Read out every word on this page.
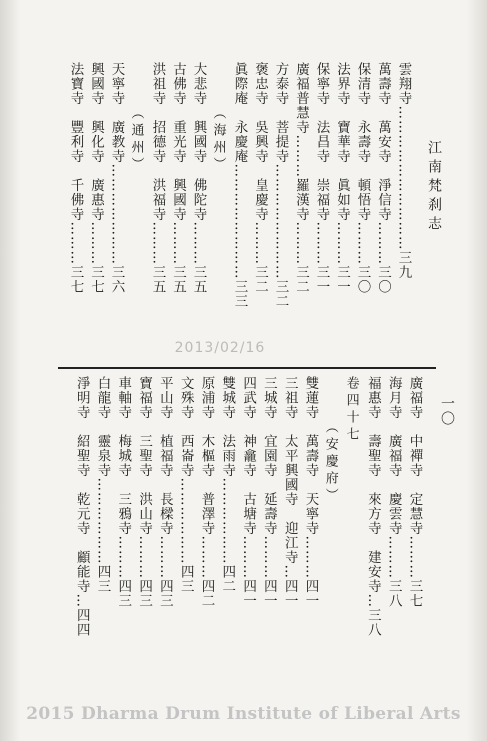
江南梵刹志
一〇
雲翔寺…………………………三九
萬壽寺　萬安寺　淨信寺………三〇
保清寺　永壽寺　頓悟寺………三〇
法界寺　寶華寺　眞如寺………三一
保寧寺　法昌寺　崇福寺………三一
廣福普慧寺………羅漢寺………三二
方泰寺　菩提寺……………………三二
褒忠寺　吳興寺　皇慶寺………三二
眞際庵　永慶庵……………………三三
（海州）
大悲寺　興國寺　佛陀寺………三五
古佛寺　重光寺　興國寺………三五
洪祖寺　招德寺　洪福寺………三五
（通州）
天寧寺　廣教寺…………………三六
興國寺　興化寺　廣惠寺………三七
法寶寺　豐利寺　千佛寺………三七
2013/02/16
廣福寺　中禪寺　定慧寺………三七
海月寺　廣福寺　慶雲寺………三八
福惠寺　壽聖寺　來方寺　建安寺…三八
卷四十七
（安慶府）
雙蓮寺　萬壽寺　天寧寺………四一
三祖寺　太平興國寺　迎江寺…四一
三城寺　宜園寺　延壽寺………四一
四武寺　神龕寺　古塘寺………四一
雙城寺　法雨寺………………四二
原浦寺　木樞寺　普澤寺………四二
文殊寺　西崙寺………………四三
平山寺　植福寺　長樑寺………四三
寶福寺　三聖寺　洪山寺………四三
車軸寺　梅城寺　三鴉寺………四三
白龍寺　靈泉寺………………四三
淨明寺　紹聖寺　乾元寺　顧能寺…四四
2015 Dharma Drum Institute of Liberal Arts
